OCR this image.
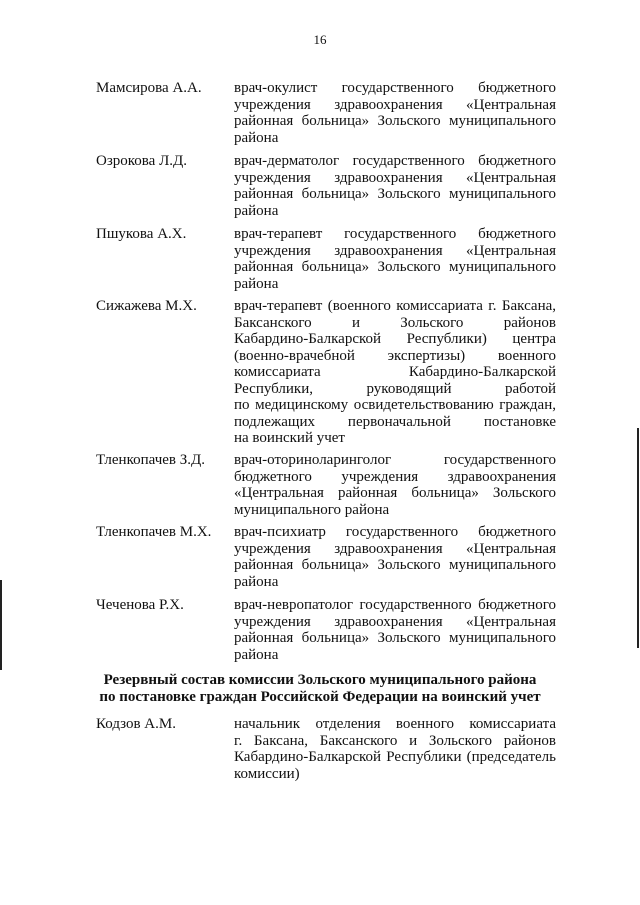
16
Мамсирова А.А. врач-окулист государственного бюджетного
учреждения здравоохранения «Центральная
районная больница» Зольского муниципального
района
Озрокова Л.Д.	врач-дерматолог государственного бюджетного
учреждения здравоохранения «Центральная
районная больница» Зольского муниципального
района
Пшукова А.Х.	врач-терапевт государственного бюджетного
учреждения здравоохранения «Центральная
районная больница» Зольского муниципального
района
Сижажева М.Х. врач-терапевт (военного комиссариата г. Баксана,
Баксанского и Зольского районов
Кабардино-Балкарской Республики) центра
(военно-врачебной экспертизы) военного
комиссариата Кабардино-Балкарской
Республики, руководящий работой
по медицинскому освидетельствованию граждан,
подлежащих первоначальной постановке
на воинский учет
Тленкопачев З.Д. врач-оториноларинголог государственного
бюджетного учреждения здравоохранения
«Центральная районная больница» Зольского
муниципального района
Тленкопачев М.Х. врач-психиатр государственного бюджетного
учреждения здравоохранения «Центральная
районная больница» Зольского муниципального
района
Чеченова Р.Х.	врач-невропатолог государственного бюджетного
учреждения здравоохранения «Центральная
районная больница» Зольского муниципального
района
Резервный состав комиссии Зольского муниципального района
по постановке граждан Российской Федерации на воинский учет
Кодзов А.М.	начальник отделения военного комиссариата
г. Баксана, Баксанского и Зольского районов
Кабардино-Балкарской Республики (председатель
комиссии)
